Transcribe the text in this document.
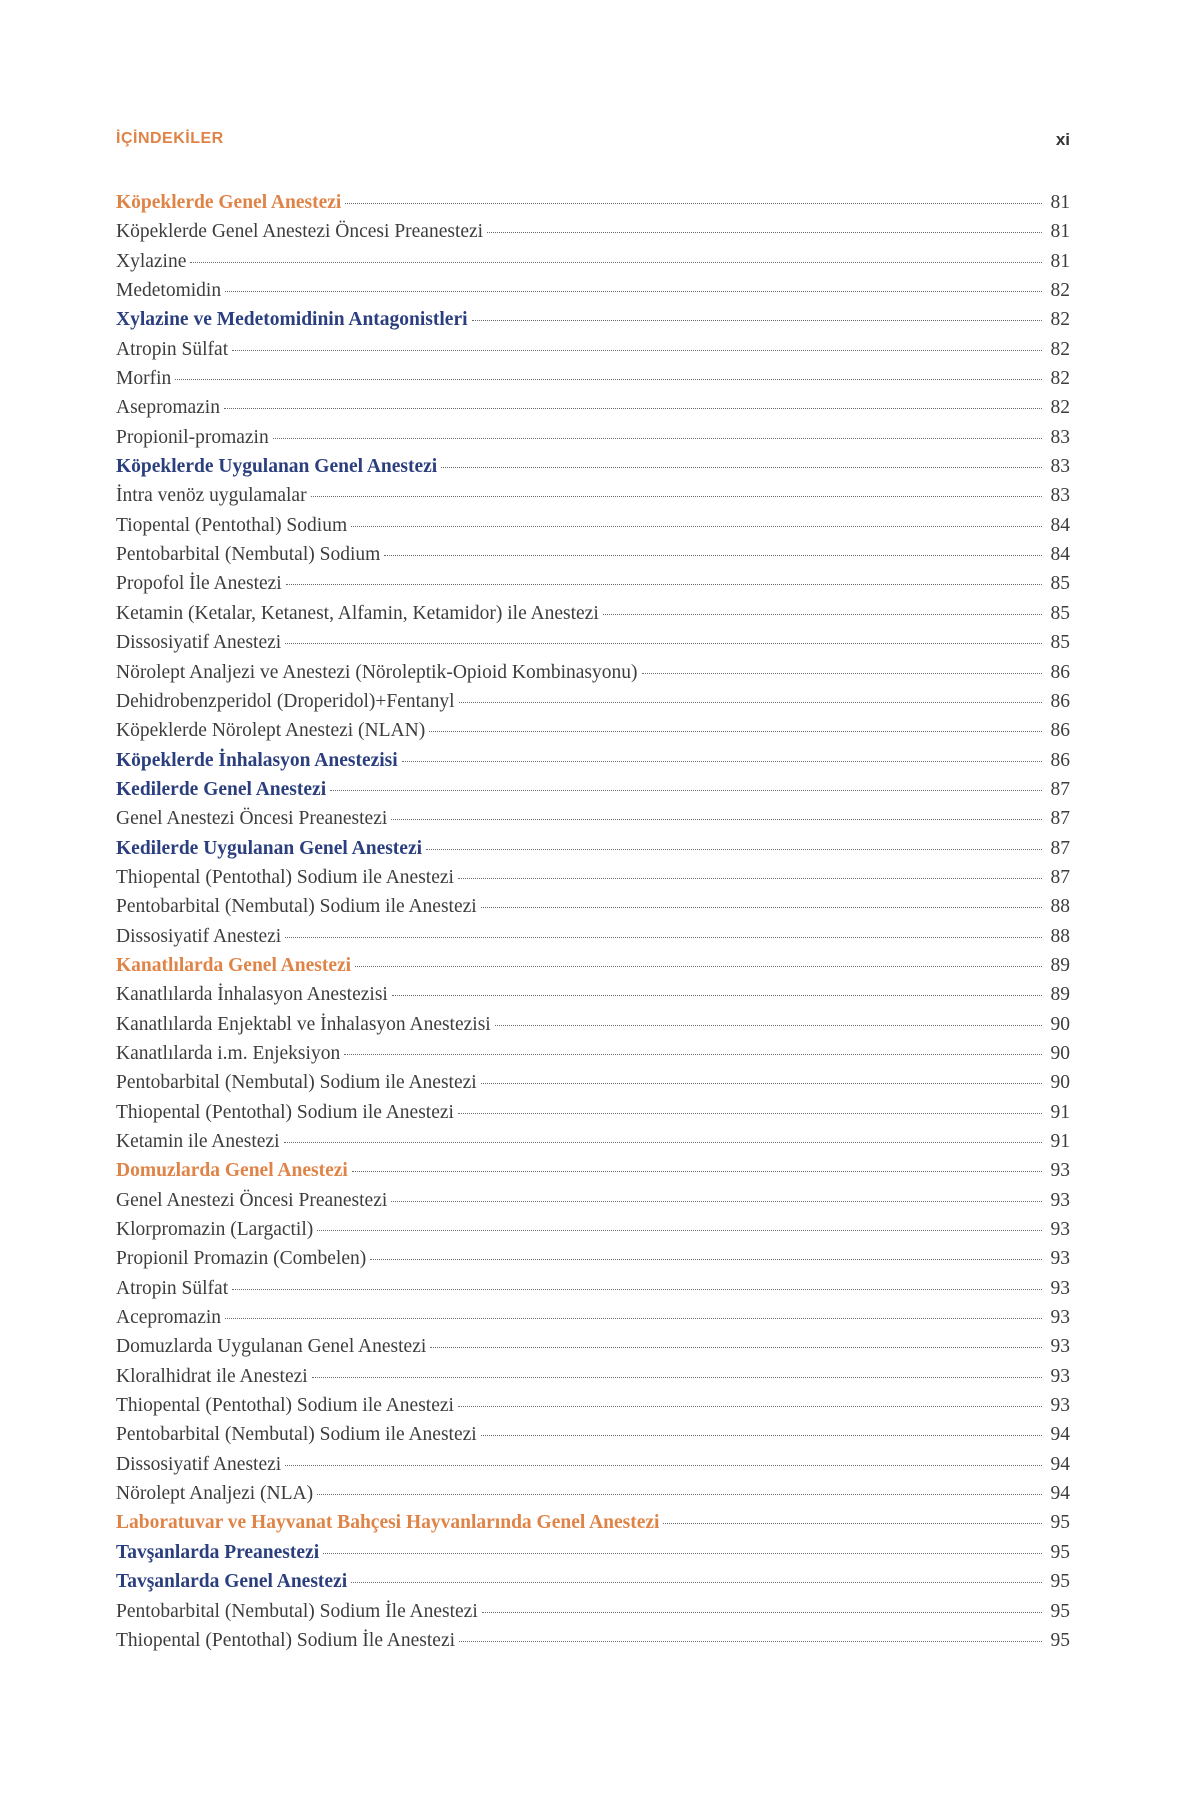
İÇİNDEKİLER	xi
Köpeklerde Genel Anestezi	81
Köpeklerde Genel Anestezi Öncesi Preanestezi	81
Xylazine	81
Medetomidin	82
Xylazine ve Medetomidinin Antagonistleri	82
Atropin Sülfat	82
Morfin	82
Asepromazin	82
Propionil-promazin	83
Köpeklerde Uygulanan Genel Anestezi	83
İntra venöz uygulamalar	83
Tiopental (Pentothal) Sodium	84
Pentobarbital (Nembutal) Sodium	84
Propofol İle Anestezi	85
Ketamin (Ketalar, Ketanest, Alfamin, Ketamidor) ile Anestezi	85
Dissosiyatif Anestezi	85
Nörolept Analjezi ve Anestezi (Nöroleptik-Opioid Kombinasyonu)	86
Dehidrobenzperidol (Droperidol)+Fentanyl	86
Köpeklerde Nörolept Anestezi (NLAN)	86
Köpeklerde İnhalasyon Anestezisi	86
Kedilerde Genel Anestezi	87
Genel Anestezi Öncesi Preanestezi	87
Kedilerde Uygulanan Genel Anestezi	87
Thiopental (Pentothal) Sodium ile Anestezi	87
Pentobarbital (Nembutal) Sodium ile Anestezi	88
Dissosiyatif Anestezi	88
Kanatlılarda Genel Anestezi	89
Kanatlılarda İnhalasyon Anestezisi	89
Kanatlılarda Enjektabl ve İnhalasyon Anestezisi	90
Kanatlılarda i.m. Enjeksiyon	90
Pentobarbital (Nembutal) Sodium ile Anestezi	90
Thiopental (Pentothal) Sodium ile Anestezi	91
Ketamin ile Anestezi	91
Domuzlarda Genel Anestezi	93
Genel Anestezi Öncesi Preanestezi	93
Klorpromazin (Largactil)	93
Propionil Promazin (Combelen)	93
Atropin Sülfat	93
Acepromazin	93
Domuzlarda Uygulanan Genel Anestezi	93
Kloralhidrat ile Anestezi	93
Thiopental (Pentothal) Sodium ile Anestezi	93
Pentobarbital (Nembutal) Sodium ile Anestezi	94
Dissosiyatif Anestezi	94
Nörolept Analjezi (NLA)	94
Laboratuvar ve Hayvanat Bahçesi Hayvanlarında Genel Anestezi	95
Tavşanlarda Preanestezi	95
Tavşanlarda Genel Anestezi	95
Pentobarbital (Nembutal) Sodium İle Anestezi	95
Thiopental (Pentothal) Sodium İle Anestezi	95
